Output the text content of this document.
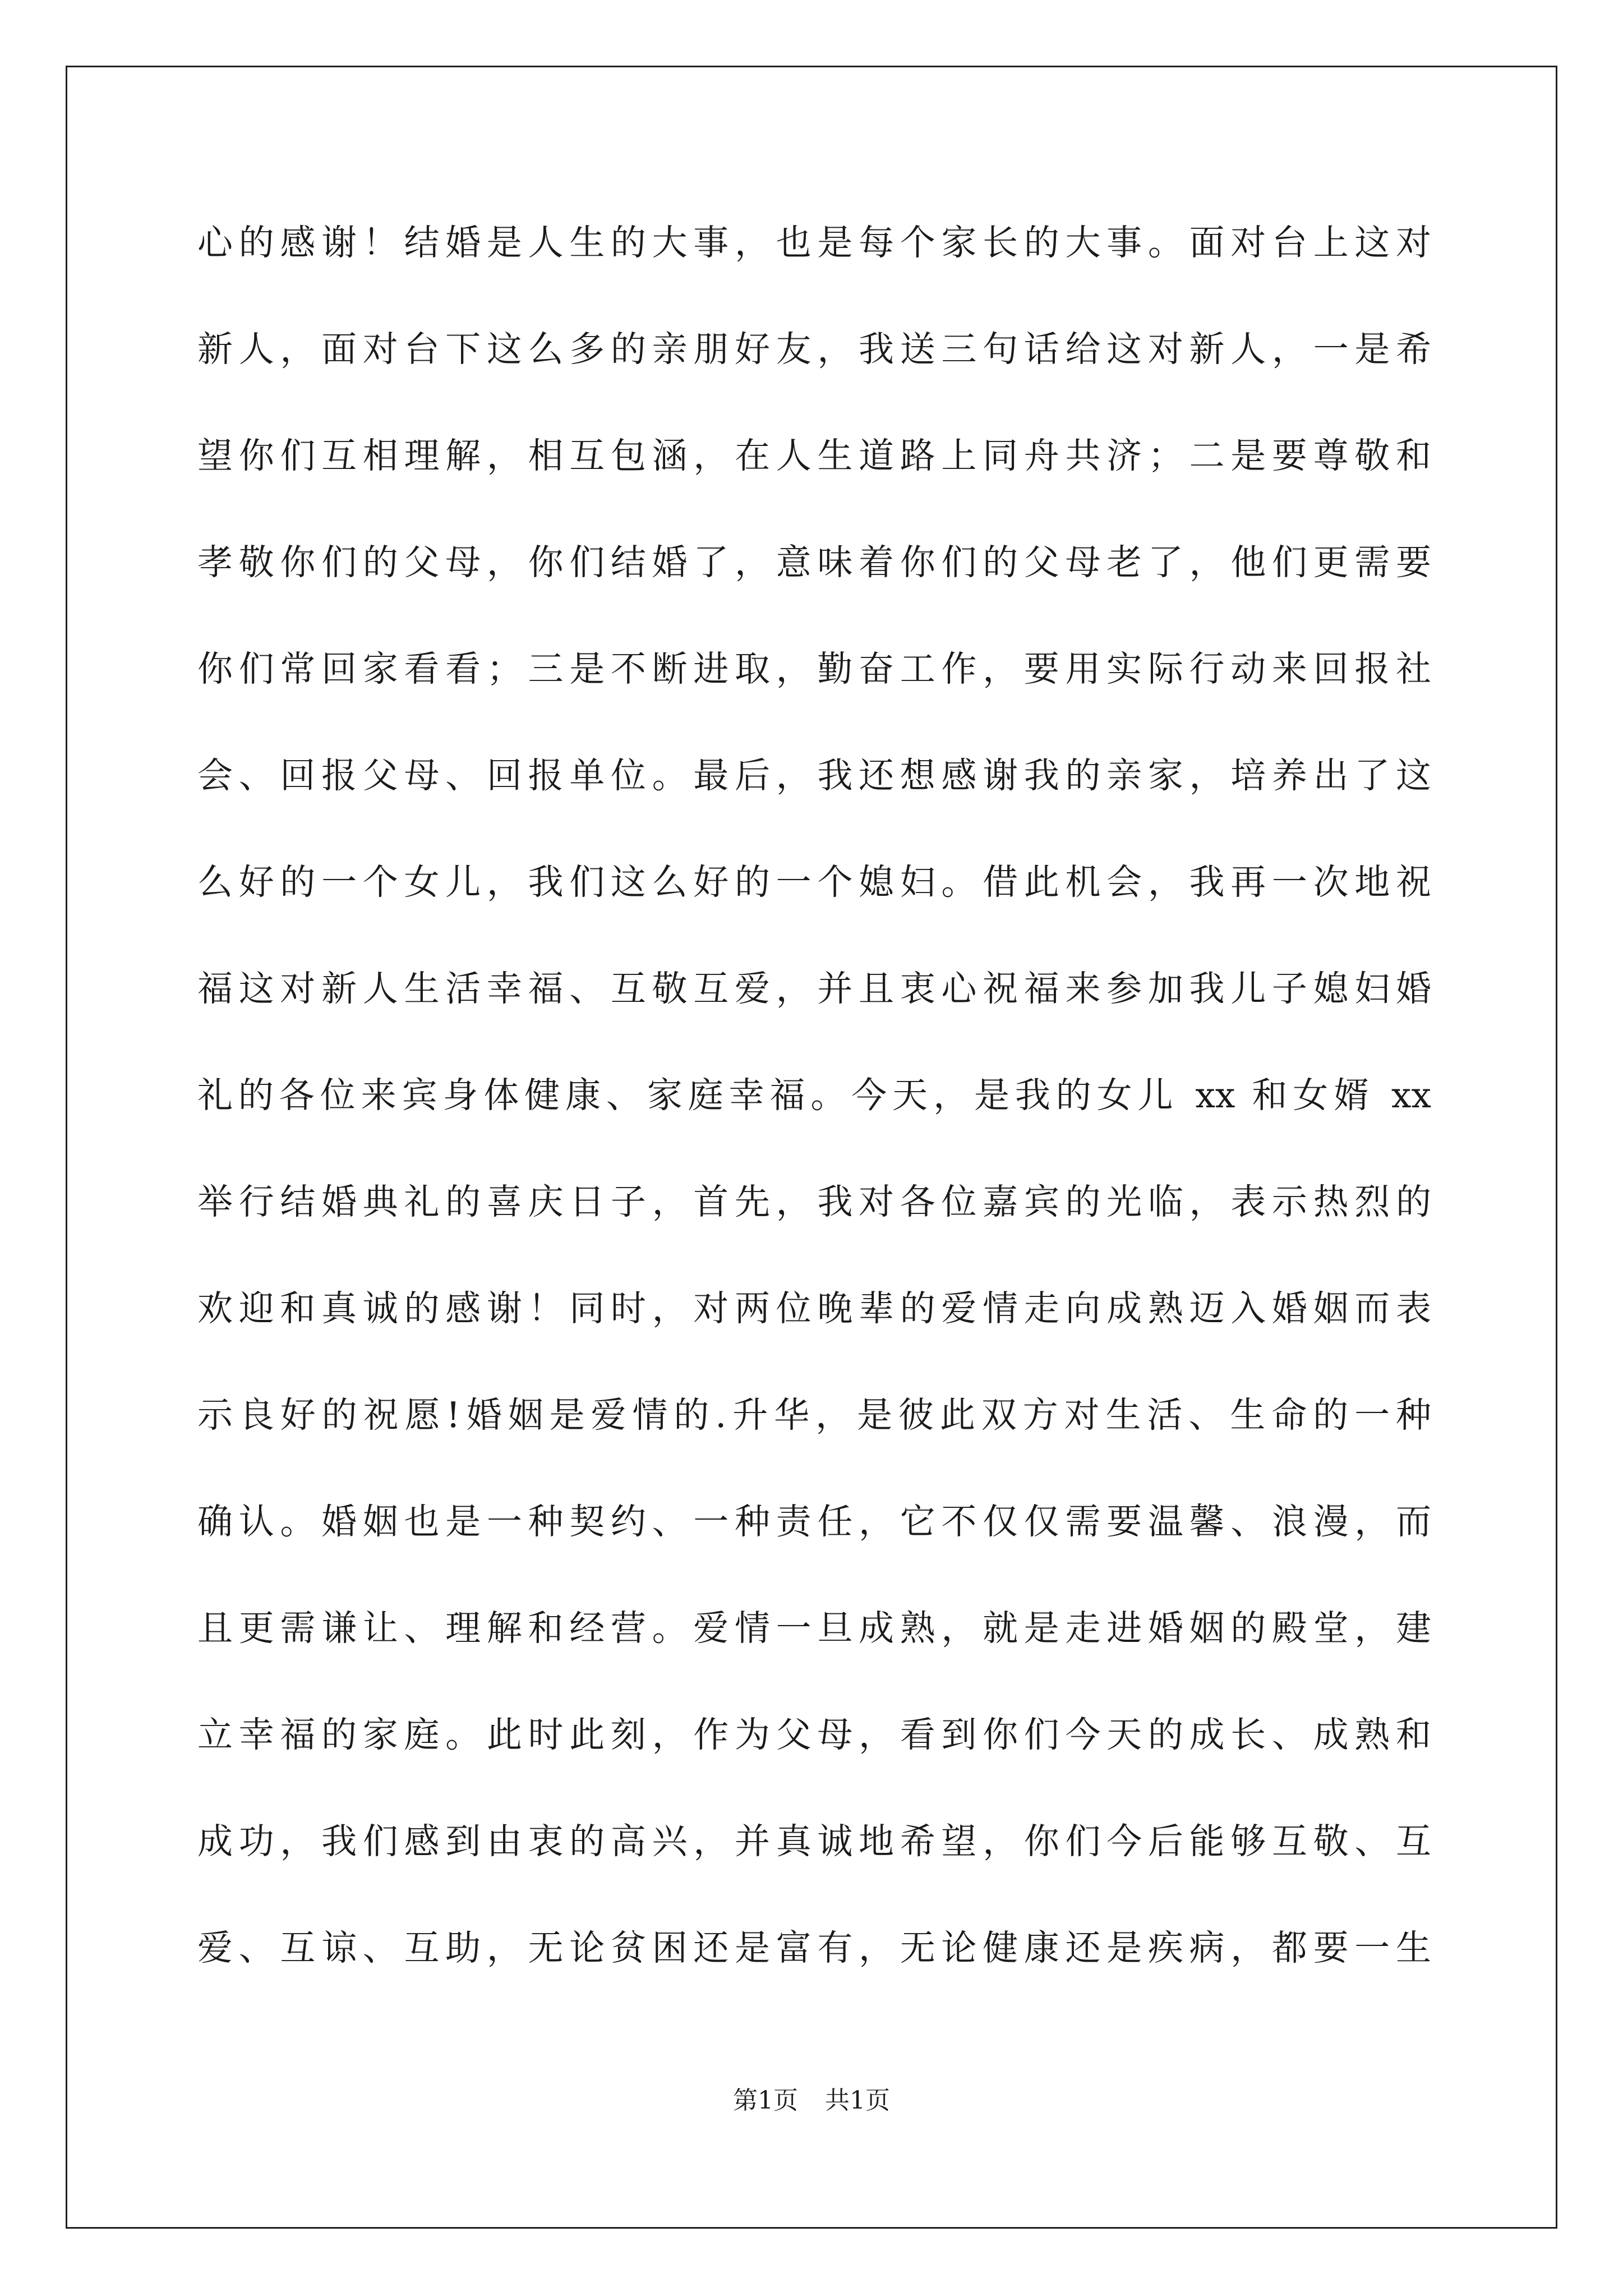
心的感谢！结婚是人生的大事，也是每个家长的大事。面对台上这对
新人，面对台下这么多的亲朋好友，我送三句话给这对新人，一是希
望你们互相理解，相互包涵，在人生道路上同舟共济；二是要尊敬和
孝敬你们的父母，你们结婚了，意味着你们的父母老了，他们更需要
你们常回家看看；三是不断进取，勤奋工作，要用实际行动来回报社
会、回报父母、回报单位。最后，我还想感谢我的亲家，培养出了这
么好的一个女儿，我们这么好的一个媳妇。借此机会，我再一次地祝
福这对新人生活幸福、互敬互爱，并且衷心祝福来参加我儿子媳妇婚
礼的各位来宾身体健康、家庭幸福。今天，是我的女儿 xx 和女婿 xx
举行结婚典礼的喜庆日子，首先，我对各位嘉宾的光临，表示热烈的
欢迎和真诚的感谢！同时，对两位晚辈的爱情走向成熟迈入婚姻而表
示良好的祝愿!婚姻是爱情的.升华，是彼此双方对生活、生命的一种
确认。婚姻也是一种契约、一种责任，它不仅仅需要温馨、浪漫，而
且更需谦让、理解和经营。爱情一旦成熟，就是走进婚姻的殿堂，建
立幸福的家庭。此时此刻，作为父母，看到你们今天的成长、成熟和
成功，我们感到由衷的高兴，并真诚地希望，你们今后能够互敬、互
爱、互谅、互助，无论贫困还是富有，无论健康还是疾病，都要一生
第1页 共1页
